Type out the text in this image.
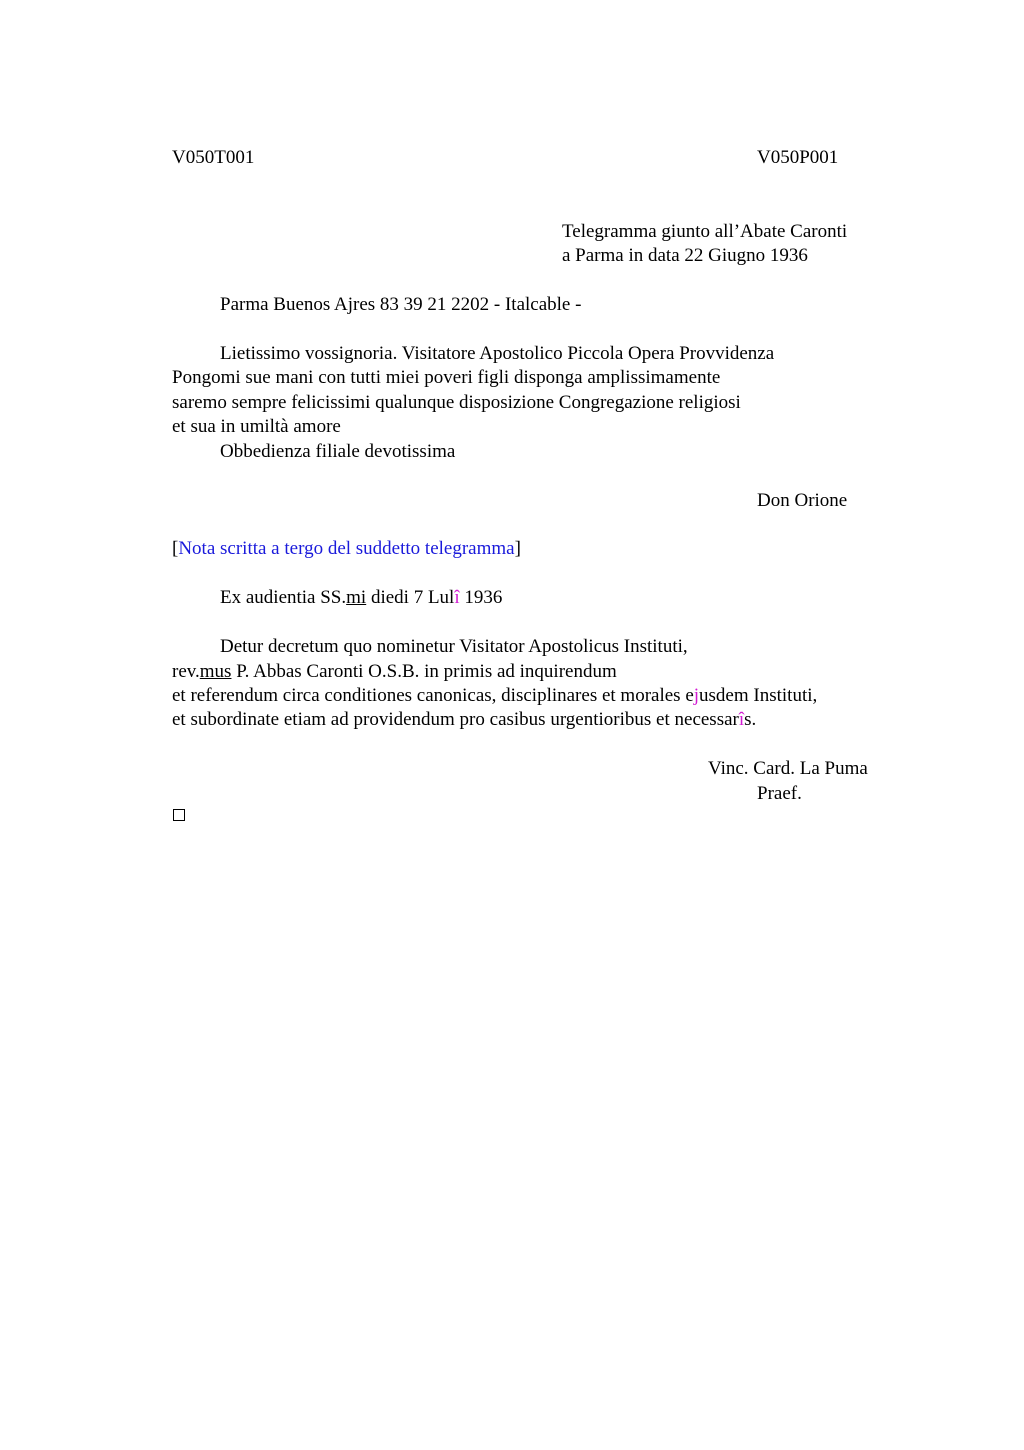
V050T001	V050P001

Telegramma giunto all’Abate Caronti

a Parma in data 22 Giugno 1936

Parma Buenos Ajres 83 39 21 2202 - Italcable -

Lietissimo vossignoria. Visitatore Apostolico Piccola Opera Provvidenza

Pongomi sue mani con tutti miei poveri figli disponga amplissimamente

saremo sempre felicissimi qualunque disposizione Congregazione religiosi

et sua in umiltà amore

Obbedienza filiale devotissima

Don Orione

[Nota scritta a tergo del suddetto telegramma]

Ex audientia SS.mi diedi 7 Lulî 1936

Detur decretum quo nominetur Visitator Apostolicus Instituti,

rev.mus P. Abbas Caronti O.S.B. in primis ad inquirendum

et referendum circa conditiones canonicas, disciplinares et morales ejusdem Instituti,

et subordinate etiam ad providendum pro casibus urgentioribus et necessarîs.

Vinc. Card. La Puma

Praef.
